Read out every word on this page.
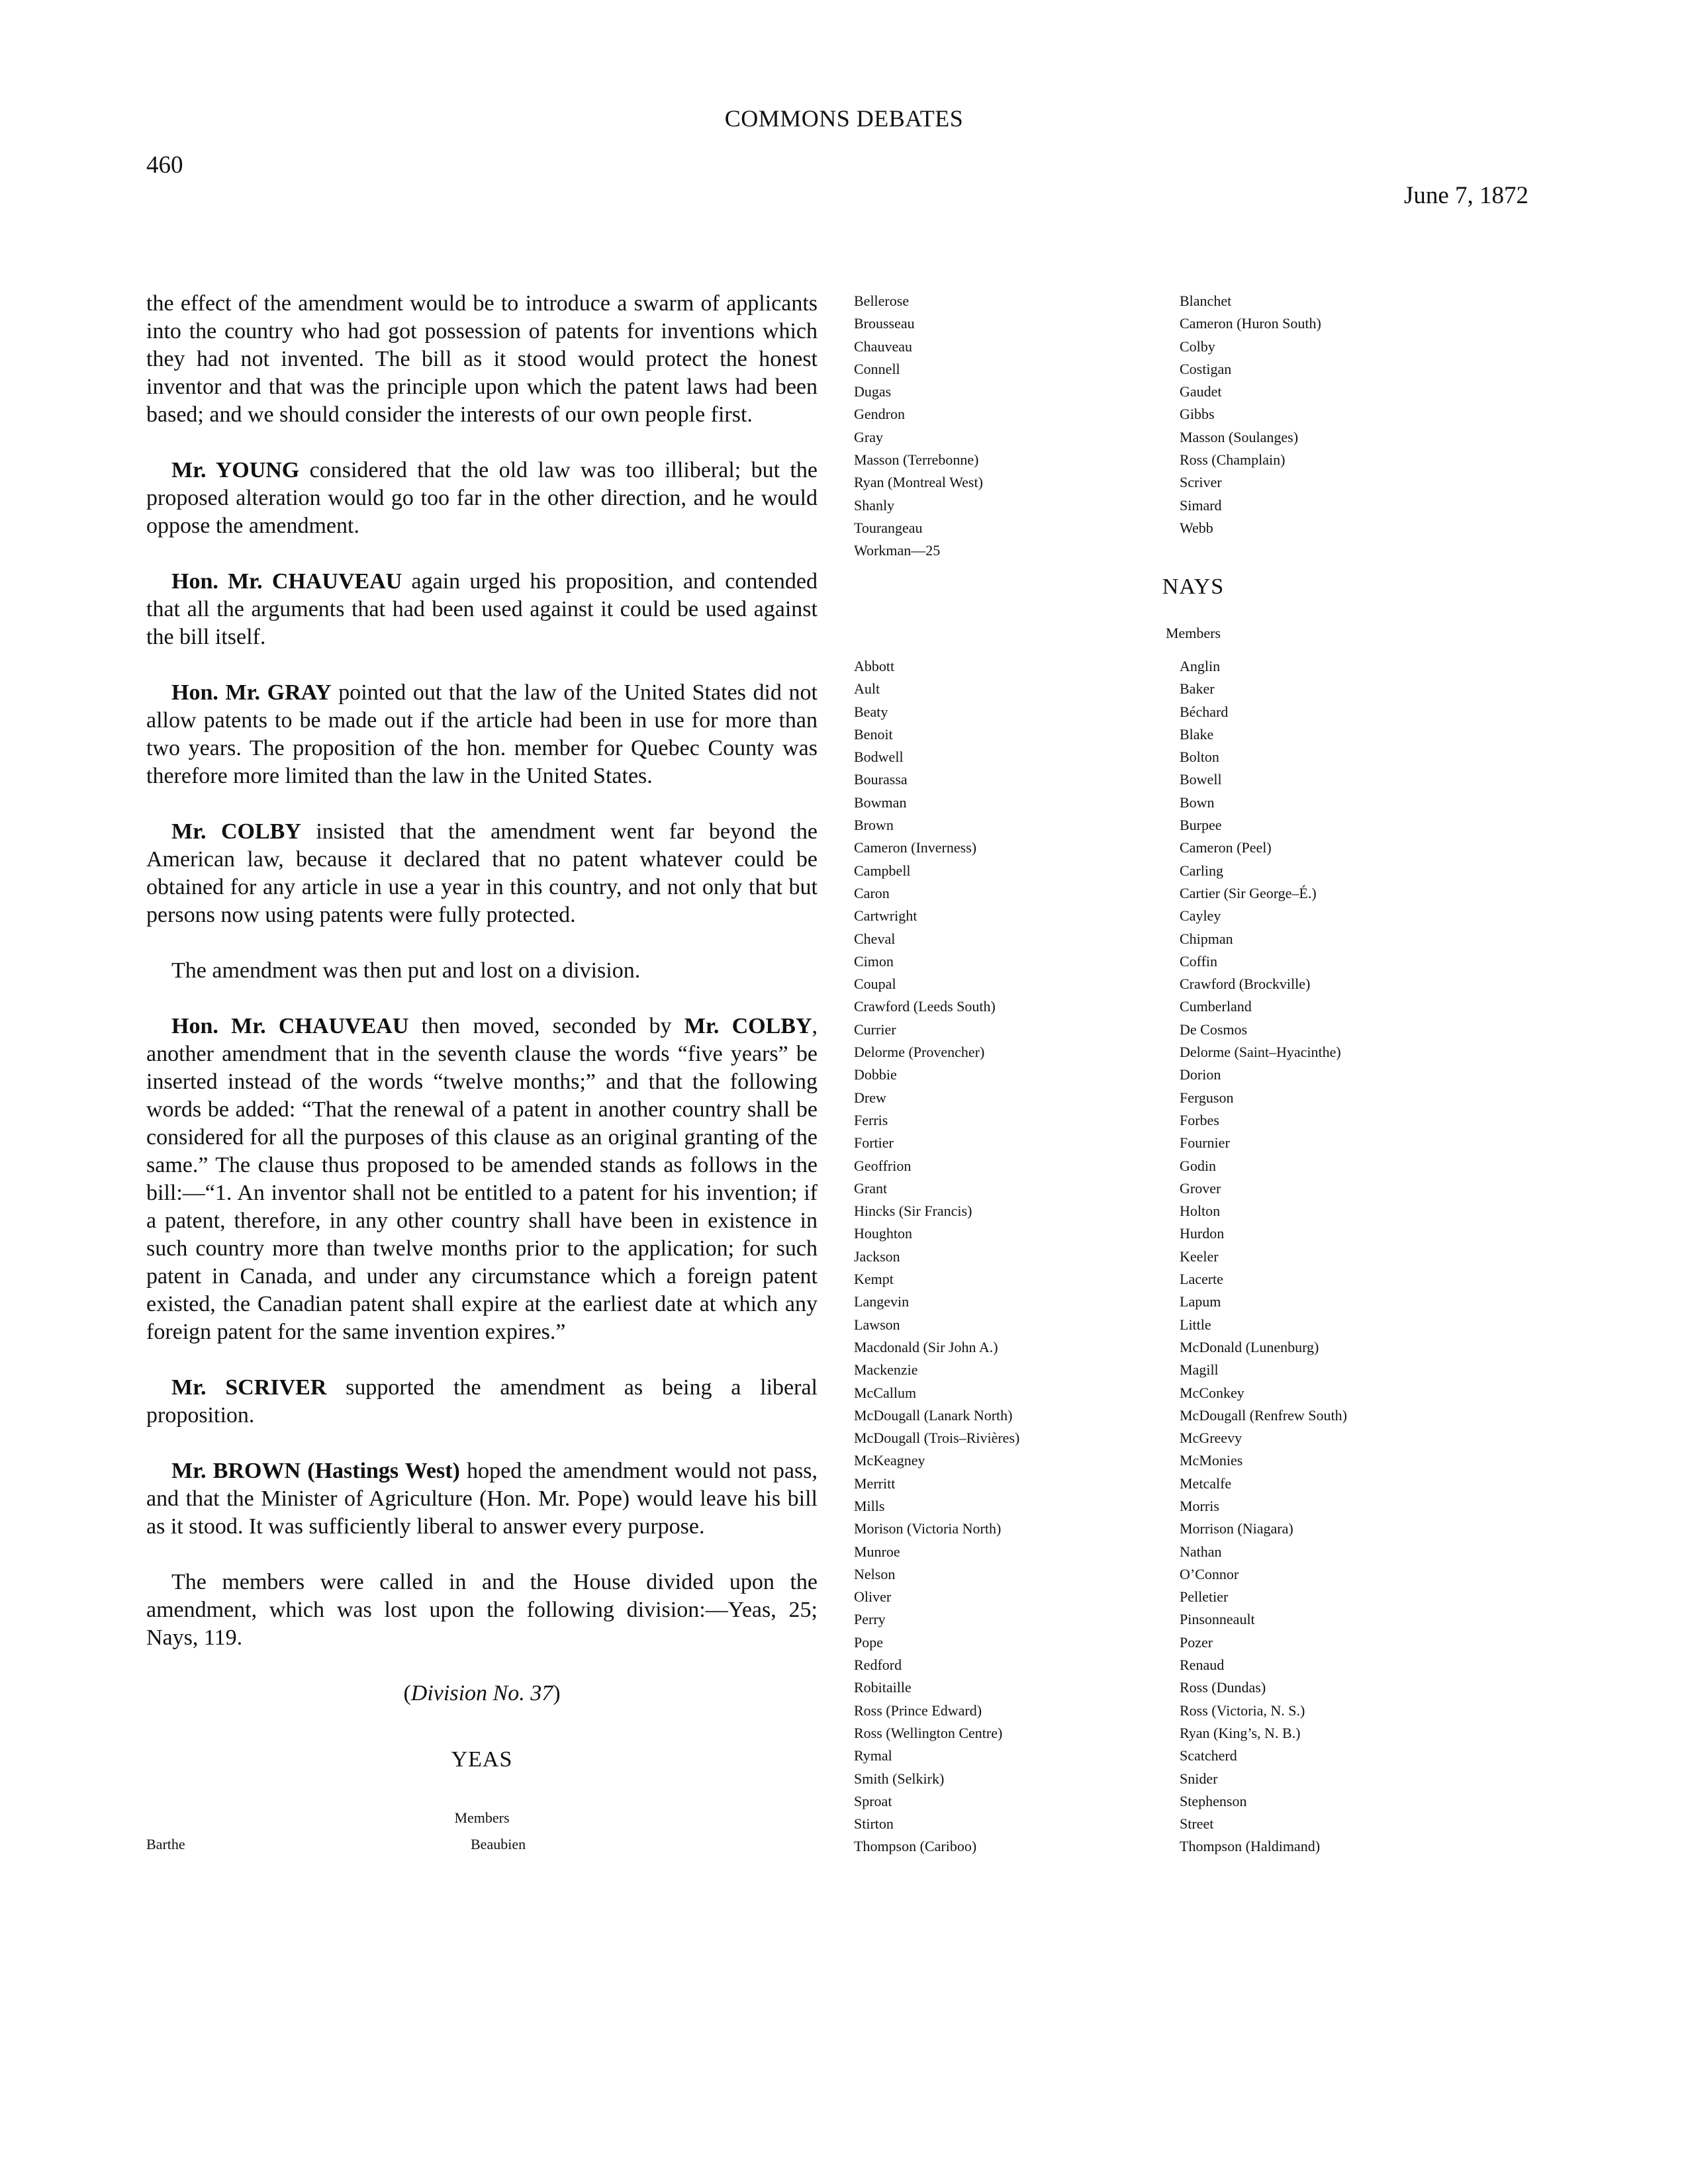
COMMONS DEBATES
460
June 7, 1872

the effect of the amendment would be to introduce a swarm of applicants into the country who had got possession of patents for inventions which they had not invented. The bill as it stood would protect the honest inventor and that was the principle upon which the patent laws had been based; and we should consider the interests of our own people first.

Mr. YOUNG considered that the old law was too illiberal; but the proposed alteration would go too far in the other direction, and he would oppose the amendment.

Hon. Mr. CHAUVEAU again urged his proposition, and contended that all the arguments that had been used against it could be used against the bill itself.

Hon. Mr. GRAY pointed out that the law of the United States did not allow patents to be made out if the article had been in use for more than two years. The proposition of the hon. member for Quebec County was therefore more limited than the law in the United States.

Mr. COLBY insisted that the amendment went far beyond the American law, because it declared that no patent whatever could be obtained for any article in use a year in this country, and not only that but persons now using patents were fully protected.

The amendment was then put and lost on a division.

Hon. Mr. CHAUVEAU then moved, seconded by Mr. COLBY, another amendment that in the seventh clause the words “five years” be inserted instead of the words “twelve months;” and that the following words be added: “That the renewal of a patent in another country shall be considered for all the purposes of this clause as an original granting of the same.” The clause thus proposed to be amended stands as follows in the bill:—“1. An inventor shall not be entitled to a patent for his invention; if a patent, therefore, in any other country shall have been in existence in such country more than twelve months prior to the application; for such patent in Canada, and under any circumstance which a foreign patent existed, the Canadian patent shall expire at the earliest date at which any foreign patent for the same invention expires.”

Mr. SCRIVER supported the amendment as being a liberal proposition.

Mr. BROWN (Hastings West) hoped the amendment would not pass, and that the Minister of Agriculture (Hon. Mr. Pope) would leave his bill as it stood. It was sufficiently liberal to answer every purpose.

The members were called in and the House divided upon the amendment, which was lost upon the following division:—Yeas, 25; Nays, 119.

(Division No. 37)
YEAS
Members
Barthe	Beaubien
Bellerose
Brousseau
Chauveau
Connell
Dugas
Gendron
Gray
Masson (Terrebonne)
Ryan (Montreal West)
Shanly
Tourangeau
Workman—25
Blanchet
Cameron (Huron South)
Colby
Costigan
Gaudet
Gibbs
Masson (Soulanges)
Ross (Champlain)
Scriver
Simard
Webb
NAYS
Members
Abbott
Ault
Beaty
Benoit
Bodwell
Bourassa
Bowman
Brown
Cameron (Inverness)
Campbell
Caron
Cartwright
Cheval
Cimon
Coupal
Crawford (Leeds South)
Currier
Delorme (Provencher)
Dobbie
Drew
Ferris
Fortier
Geoffrion
Grant
Hincks (Sir Francis)
Houghton
Jackson
Kempt
Langevin
Lawson
Macdonald (Sir John A.)
Mackenzie
McCallum
McDougall (Lanark North)
McDougall (Trois–Rivières)
McKeagney
Merritt
Mills
Morison (Victoria North)
Munroe
Nelson
Oliver
Perry
Pope
Redford
Robitaille
Ross (Prince Edward)
Ross (Wellington Centre)
Rymal
Smith (Selkirk)
Sproat
Stirton
Thompson (Cariboo)
Anglin
Baker
Béchard
Blake
Bolton
Bowell
Bown
Burpee
Cameron (Peel)
Carling
Cartier (Sir George–É.)
Cayley
Chipman
Coffin
Crawford (Brockville)
Cumberland
De Cosmos
Delorme (Saint–Hyacinthe)
Dorion
Ferguson
Forbes
Fournier
Godin
Grover
Holton
Hurdon
Keeler
Lacerte
Lapum
Little
McDonald (Lunenburg)
Magill
McConkey
McDougall (Renfrew South)
McGreevy
McMonies
Metcalfe
Morris
Morrison (Niagara)
Nathan
O’Connor
Pelletier
Pinsonneault
Pozer
Renaud
Ross (Dundas)
Ross (Victoria, N. S.)
Ryan (King’s, N. B.)
Scatcherd
Snider
Stephenson
Street
Thompson (Haldimand)
